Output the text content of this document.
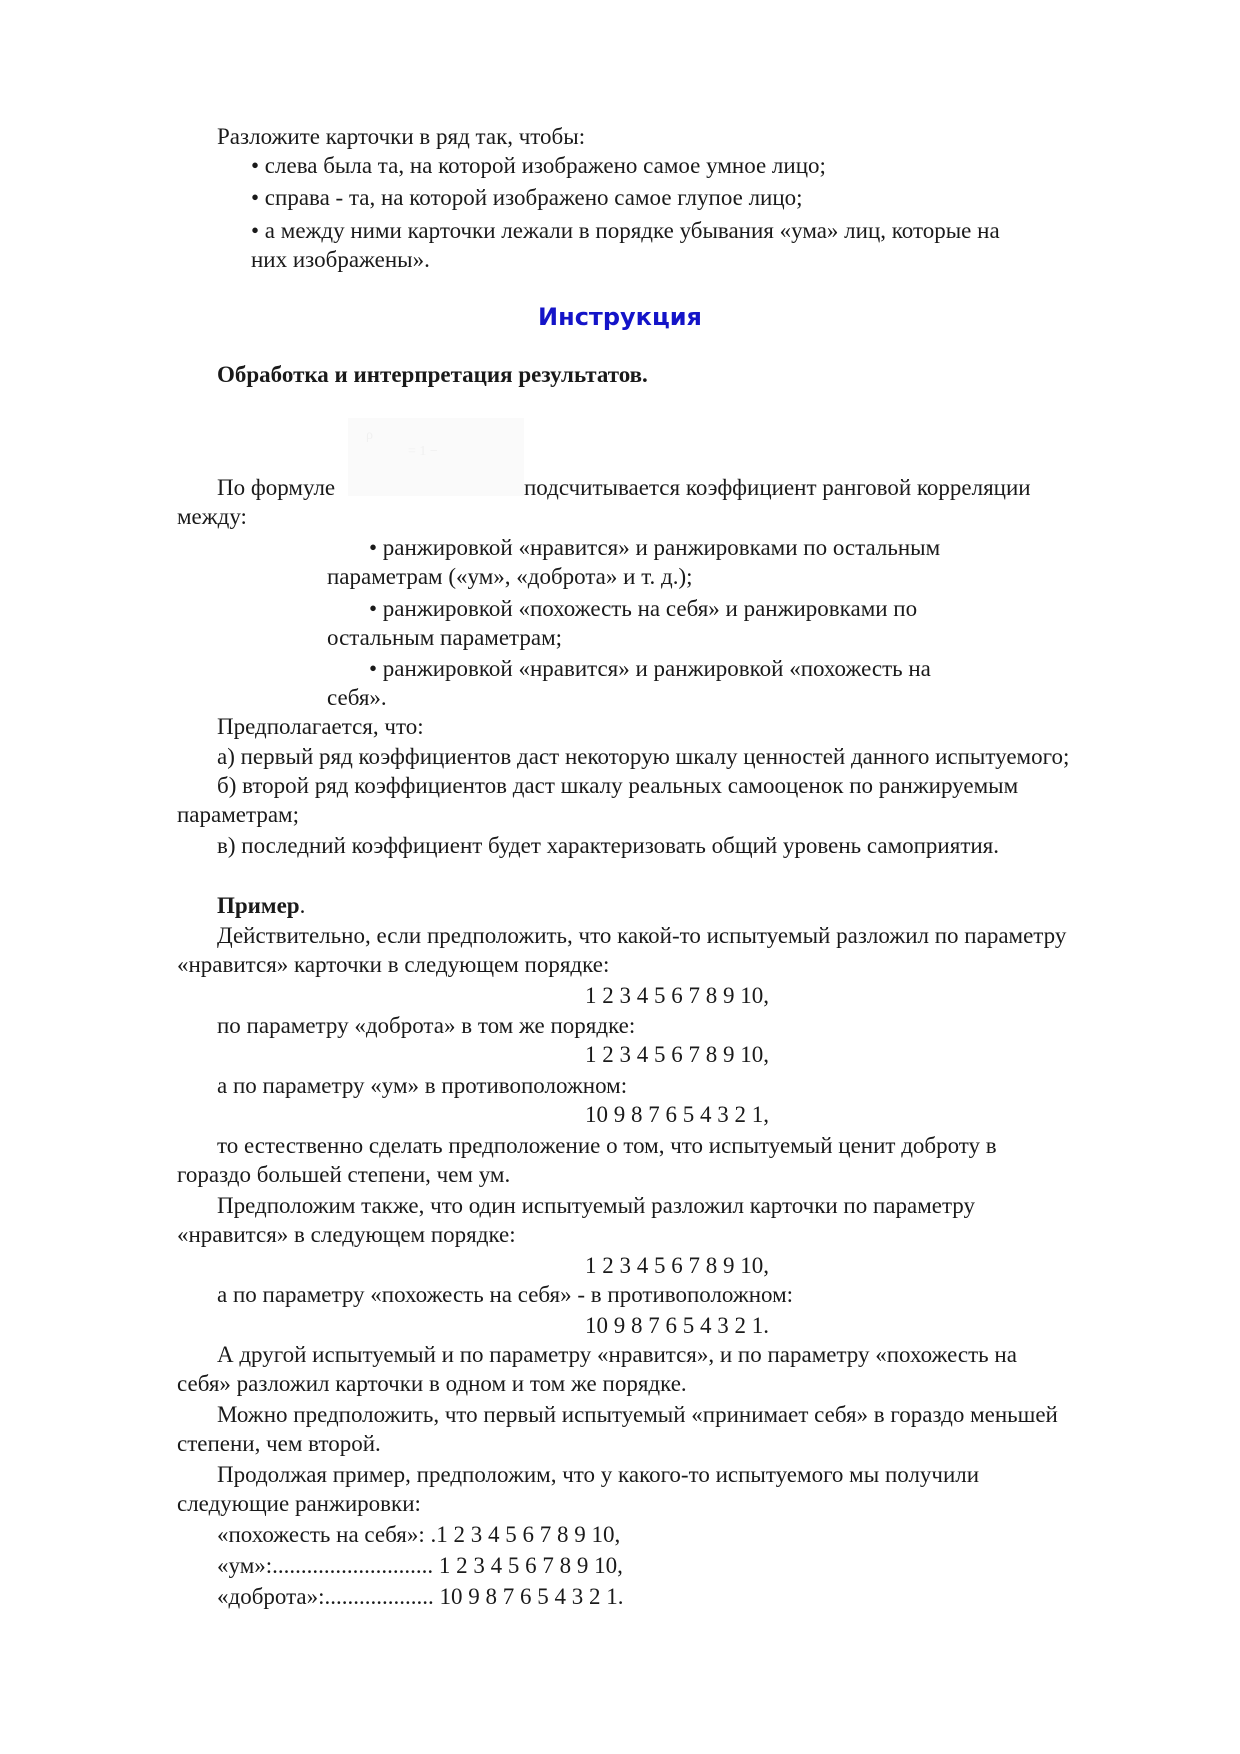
Разложите карточки в ряд так, чтобы:
• слева была та, на которой изображено самое умное лицо;
• справа - та, на которой изображено самое глупое лицо;
• а между ними карточки лежали в порядке убывания «ума» лиц, которые на
них изображены».
Инструкция
Обработка и интерпретация результатов.
ρ
= 1 −
По формуле	подсчитывается коэффициент ранговой корреляции
между:
• ранжировкой «нравится» и ранжировками по остальным
параметрам («ум», «доброта» и т. д.);
• ранжировкой «похожесть на себя» и ранжировками по
остальным параметрам;
• ранжировкой «нравится» и ранжировкой «похожесть на
себя».
Предполагается, что:
а) первый ряд коэффициентов даст некоторую шкалу ценностей данного испытуемого;
б) второй ряд коэффициентов даст шкалу реальных самооценок по ранжируемым
параметрам;
в) последний коэффициент будет характеризовать общий уровень самоприятия.
Пример.
Действительно, если предположить, что какой-то испытуемый разложил по параметру
«нравится» карточки в следующем порядке:
1 2 3 4 5 6 7 8 9 10,
по параметру «доброта» в том же порядке:
1 2 3 4 5 6 7 8 9 10,
а по параметру «ум» в противоположном:
10 9 8 7 6 5 4 3 2 1,
то естественно сделать предположение о том, что испытуемый ценит доброту в
гораздо большей степени, чем ум.
Предположим также, что один испытуемый разложил карточки по параметру
«нравится» в следующем порядке:
1 2 3 4 5 6 7 8 9 10,
а по параметру «похожесть на себя» - в противоположном:
10 9 8 7 6 5 4 3 2 1.
А другой испытуемый и по параметру «нравится», и по параметру «похожесть на
себя» разложил карточки в одном и том же порядке.
Можно предположить, что первый испытуемый «принимает себя» в гораздо меньшей
степени, чем второй.
Продолжая пример, предположим, что у какого-то испытуемого мы получили
следующие ранжировки:
«похожесть на себя»: .1 2 3 4 5 6 7 8 9 10,
«ум»:............................ 1 2 3 4 5 6 7 8 9 10,
«доброта»:................... 10 9 8 7 6 5 4 3 2 1.
